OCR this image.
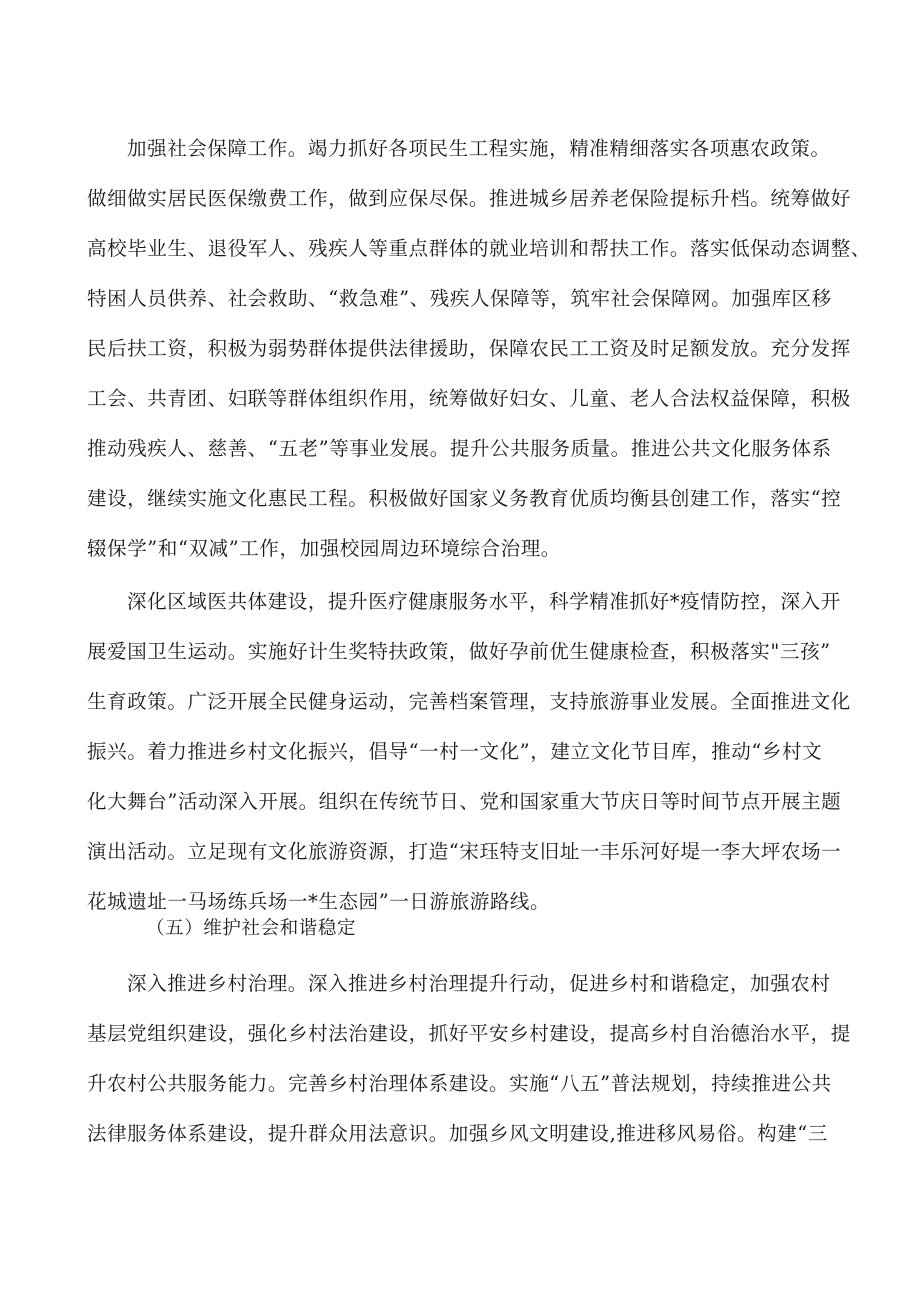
加强社会保障工作。竭力抓好各项民生工程实施，精准精细落实各项惠农政策。
做细做实居民医保缴费工作，做到应保尽保。推进城乡居养老保险提标升档。统筹做好
高校毕业生、退役军人、残疾人等重点群体的就业培训和帮扶工作。落实低保动态调整、
特困人员供养、社会救助、“救急难”、残疾人保障等，筑牢社会保障网。加强库区移
民后扶工资，积极为弱势群体提供法律援助，保障农民工工资及时足额发放。充分发挥
工会、共青团、妇联等群体组织作用，统筹做好妇女、儿童、老人合法权益保障，积极
推动残疾人、慈善、“五老”等事业发展。提升公共服务质量。推进公共文化服务体系
建设，继续实施文化惠民工程。积极做好国家义务教育优质均衡县创建工作，落实“控
辍保学”和“双减”工作，加强校园周边环境综合治理。
深化区域医共体建设，提升医疗健康服务水平，科学精准抓好*疫情防控，深入开
展爱国卫生运动。实施好计生奖特扶政策，做好孕前优生健康检查，积极落实"三孩”
生育政策。广泛开展全民健身运动，完善档案管理，支持旅游事业发展。全面推进文化
振兴。着力推进乡村文化振兴，倡导“一村一文化”，建立文化节目库，推动“乡村文
化大舞台”活动深入开展。组织在传统节日、党和国家重大节庆日等时间节点开展主题
演出活动。立足现有文化旅游资源，打造“宋珏特支旧址一丰乐河好堤一李大坪农场一
花城遗址一马场练兵场一*生态园”一日游旅游路线。
（五）维护社会和谐稳定
深入推进乡村治理。深入推进乡村治理提升行动，促进乡村和谐稳定，加强农村
基层党组织建设，强化乡村法治建设，抓好平安乡村建设，提高乡村自治德治水平，提
升农村公共服务能力。完善乡村治理体系建设。实施“八五”普法规划，持续推进公共
法律服务体系建设，提升群众用法意识。加强乡风文明建设,推进移风易俗。构建“三
